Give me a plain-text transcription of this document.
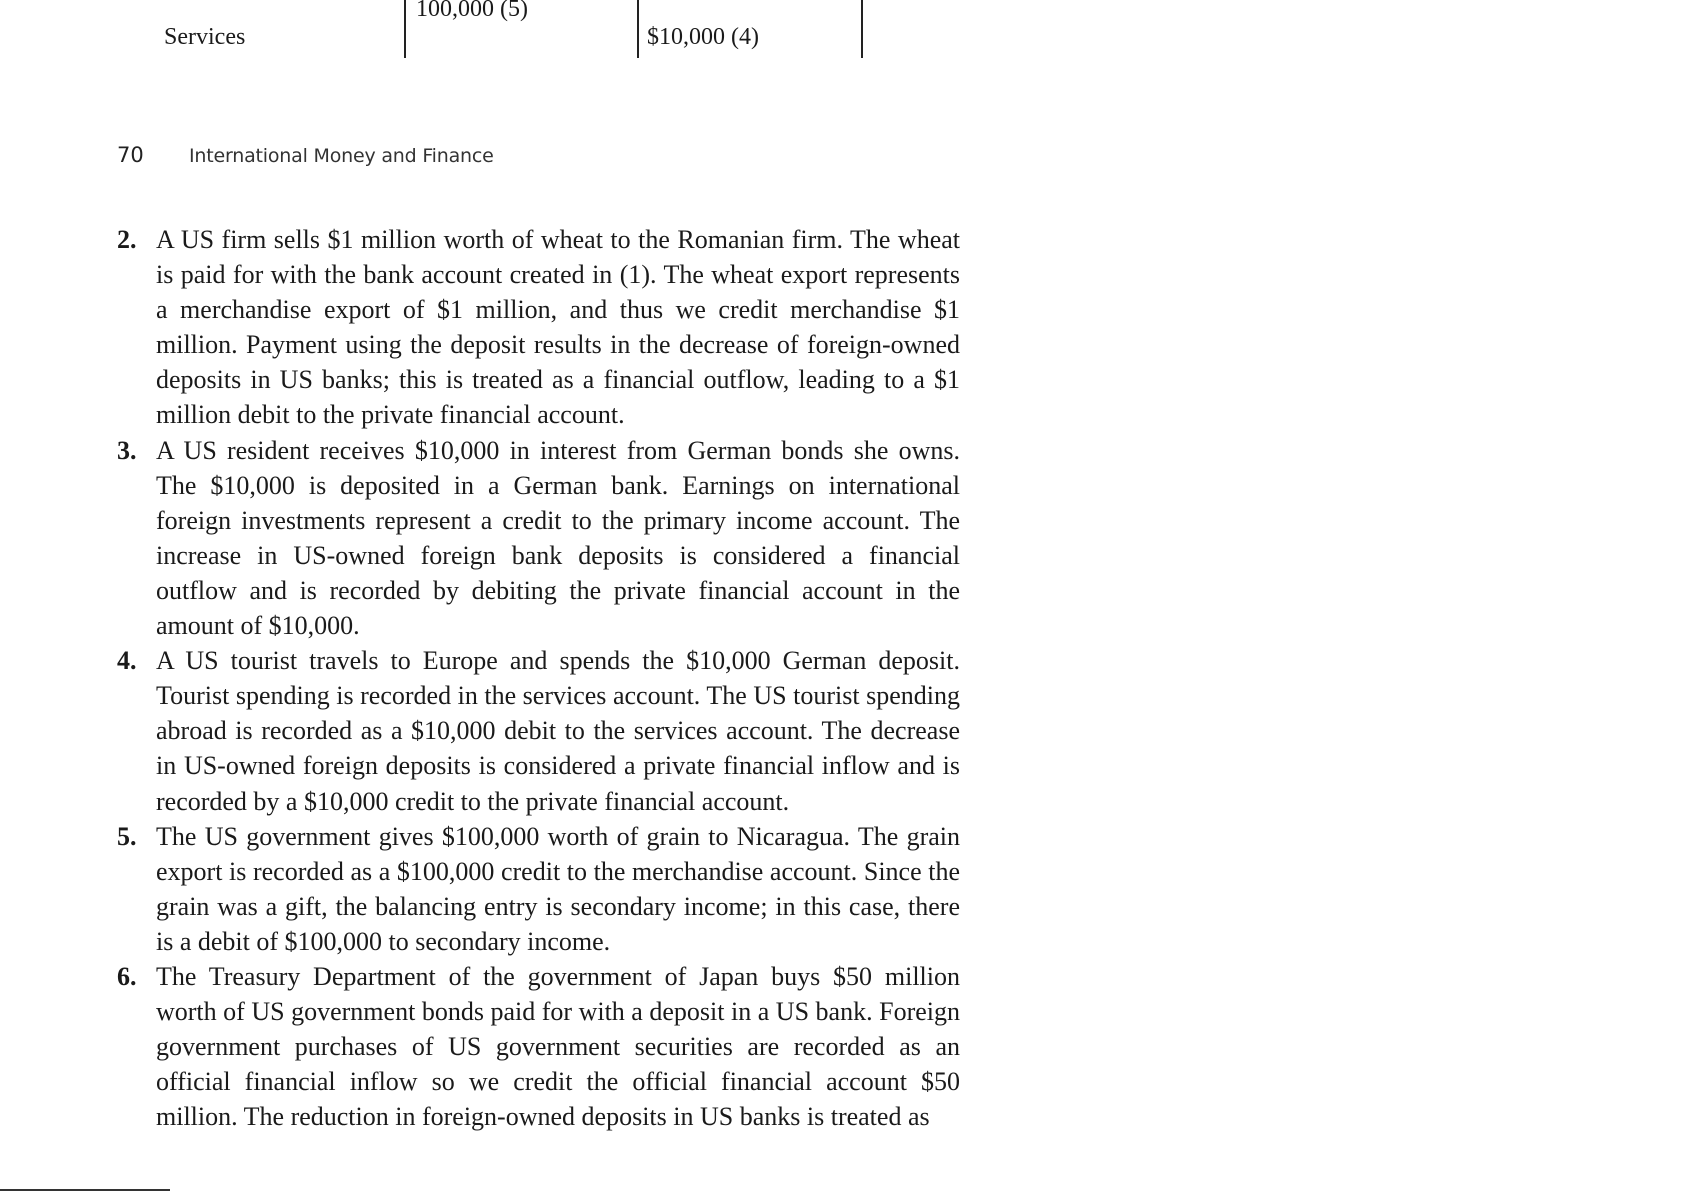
Services
100,000 (5)
$10,000 (4)
70 International Money and Finance
2. A US firm sells $1 million worth of wheat to the Romanian firm. The wheat is paid for with the bank account created in (1). The wheat export represents a merchandise export of $1 million, and thus we credit merchandise $1 million. Payment using the deposit results in the decrease of foreign-owned deposits in US banks; this is treated as a financial outflow, leading to a $1 million debit to the private financial account.
3. A US resident receives $10,000 in interest from German bonds she owns. The $10,000 is deposited in a German bank. Earnings on international foreign investments represent a credit to the primary income account. The increase in US-owned foreign bank deposits is considered a financial outflow and is recorded by debiting the private financial account in the amount of $10,000.
4. A US tourist travels to Europe and spends the $10,000 German deposit. Tourist spending is recorded in the services account. The US tourist spending abroad is recorded as a $10,000 debit to the services account. The decrease in US-owned foreign deposits is considered a private financial inflow and is recorded by a $10,000 credit to the private financial account.
5. The US government gives $100,000 worth of grain to Nicaragua. The grain export is recorded as a $100,000 credit to the merchandise account. Since the grain was a gift, the balancing entry is secondary income; in this case, there is a debit of $100,000 to secondary income.
6. The Treasury Department of the government of Japan buys $50 million worth of US government bonds paid for with a deposit in a US bank. Foreign government purchases of US government securities are recorded as an official financial inflow so we credit the official financial account $50 million. The reduction in foreign-owned deposits in US banks is treated as
